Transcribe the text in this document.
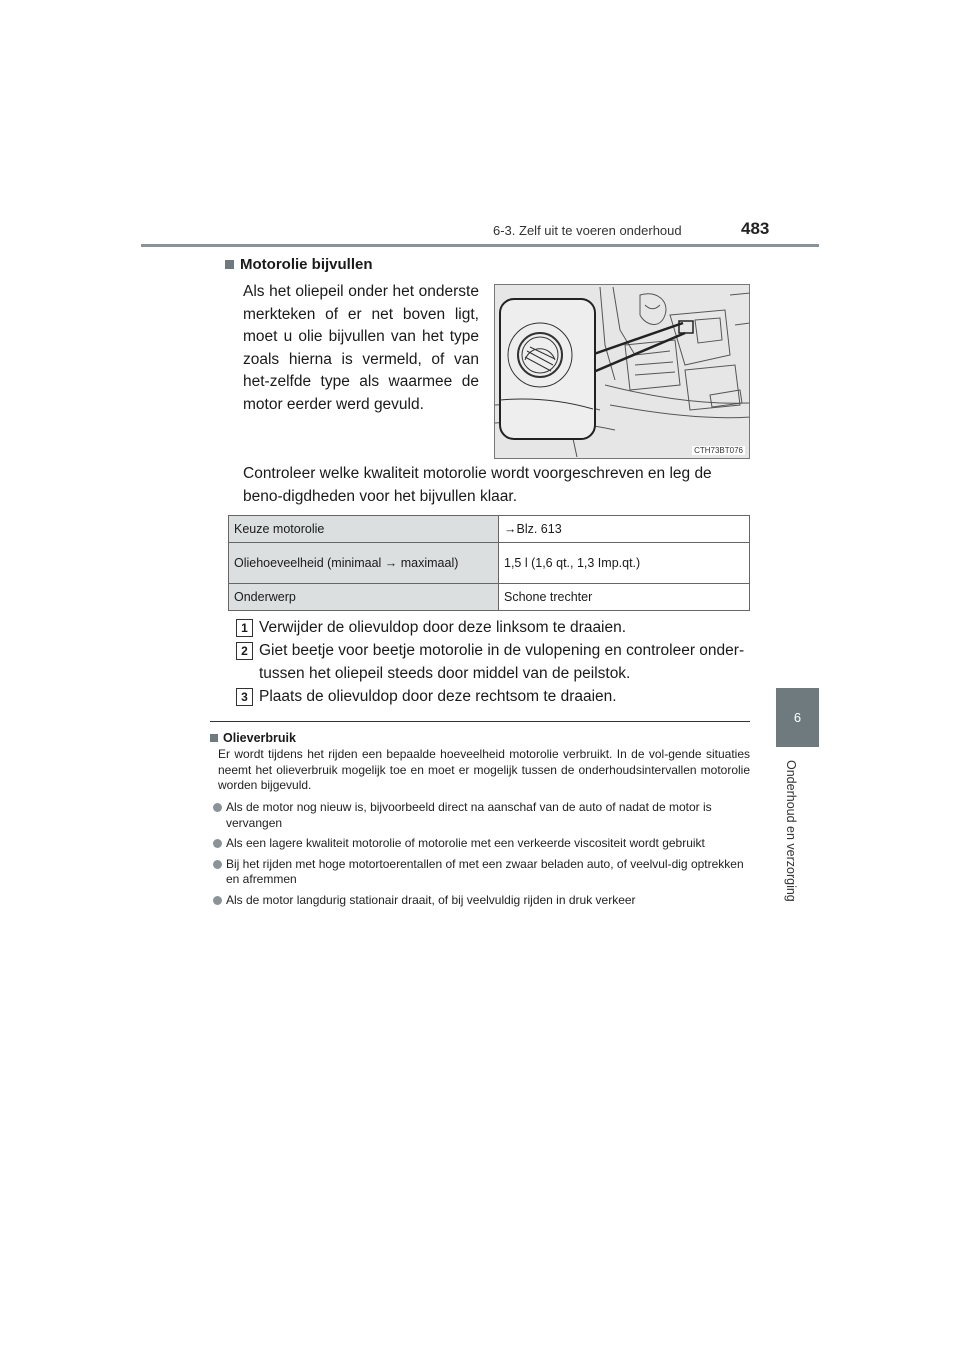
6-3. Zelf uit te voeren onderhoud	483
6
Onderhoud en verzorging
Motorolie bijvullen

Als het oliepeil onder het onderste merkteken of er net boven ligt, moet u olie bijvullen van het type zoals hierna is vermeld, of van het-zelfde type als waarmee de motor eerder werd gevuld.

CTH73BT076

Controleer welke kwaliteit motorolie wordt voorgeschreven en leg de beno-digdheden voor het bijvullen klaar.

Keuze motorolie	→Blz. 613
Oliehoeveelheid (minimaal → maximaal)	1,5 l (1,6 qt., 1,3 Imp.qt.)
Onderwerp	Schone trechter
1 Verwijder de olievuldop door deze linksom te draaien.
2 Giet beetje voor beetje motorolie in de vulopening en controleer onder-tussen het oliepeil steeds door middel van de peilstok.
3 Plaats de olievuldop door deze rechtsom te draaien.
Olieverbruik

Er wordt tijdens het rijden een bepaalde hoeveelheid motorolie verbruikt. In de vol-gende situaties neemt het olieverbruik mogelijk toe en moet er mogelijk tussen de onderhoudsintervallen motorolie worden bijgevuld.

Als de motor nog nieuw is, bijvoorbeeld direct na aanschaf van de auto of nadat de motor is vervangen
Als een lagere kwaliteit motorolie of motorolie met een verkeerde viscositeit wordt gebruikt
Bij het rijden met hoge motortoerentallen of met een zwaar beladen auto, of veelvul-dig optrekken en afremmen
Als de motor langdurig stationair draait, of bij veelvuldig rijden in druk verkeer
